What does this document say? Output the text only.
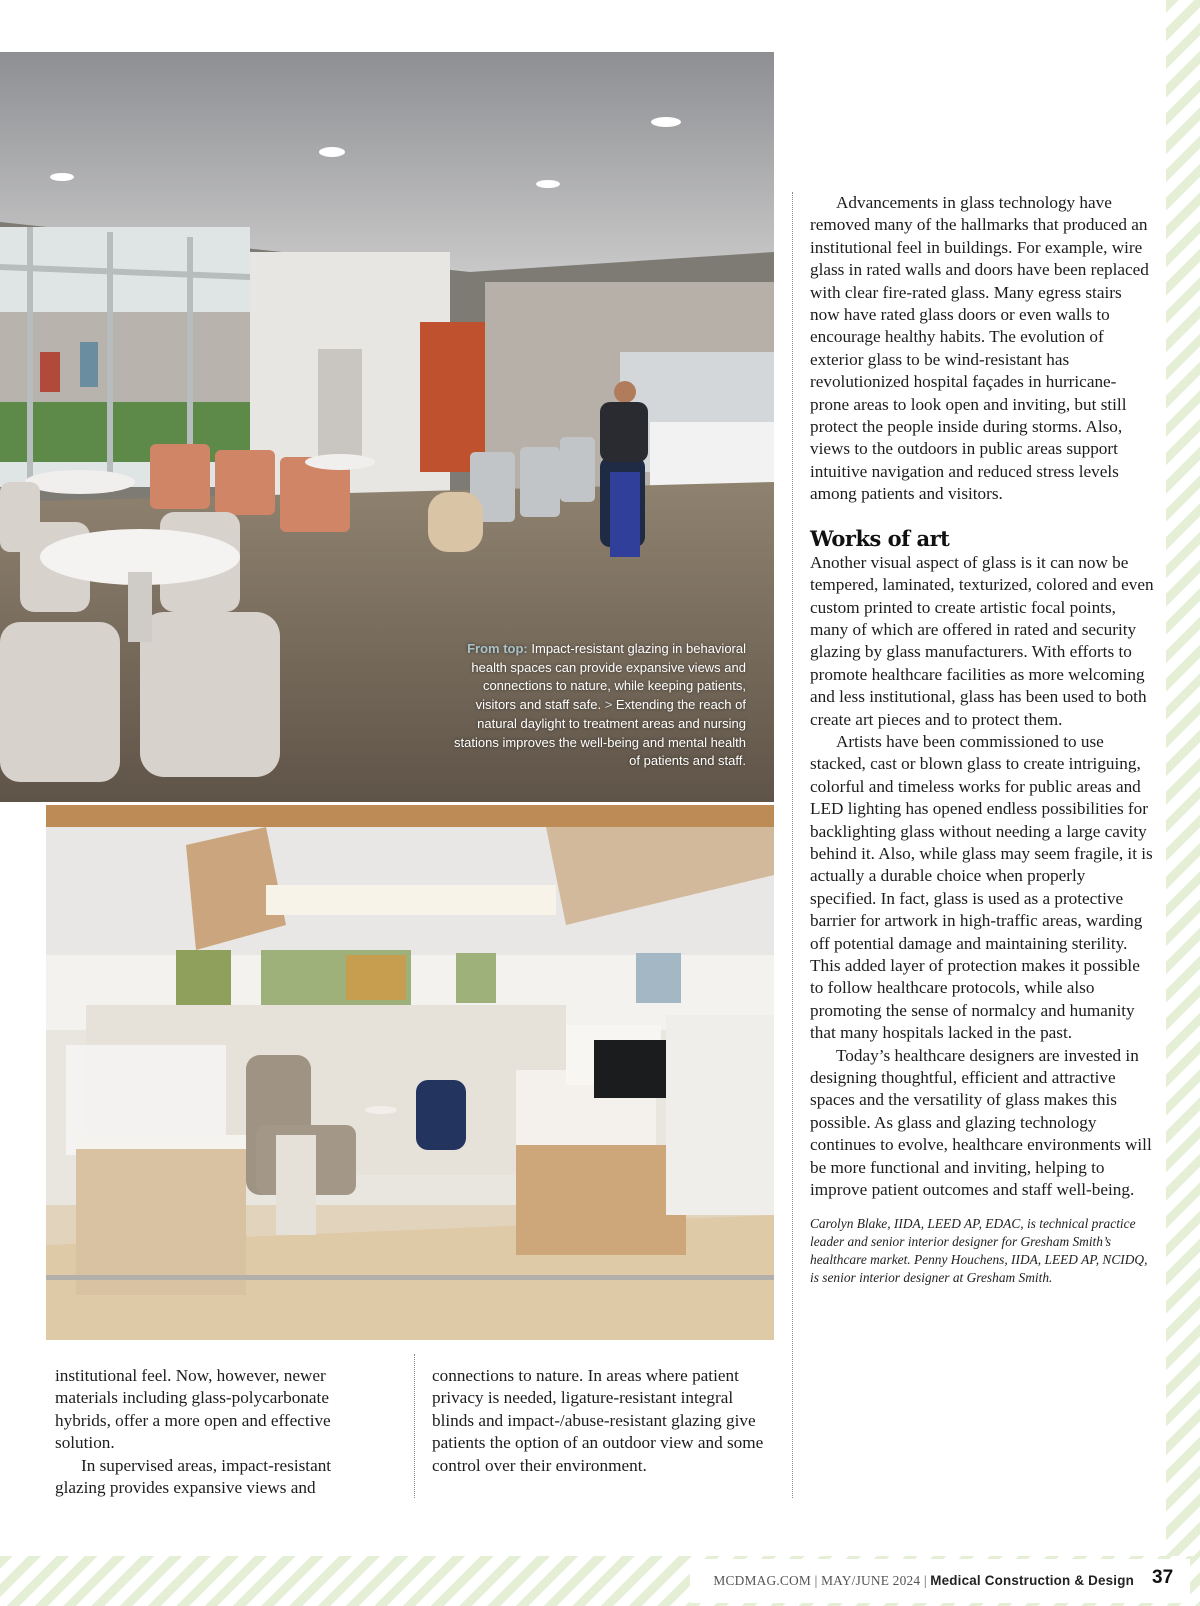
From top: Impact-resistant glazing in behavioral health spaces can provide expansive views and connections to nature, while keeping patients, visitors and staff safe. > Extending the reach of natural daylight to treatment areas and nursing stations improves the well-being and mental health of patients and staff.

institutional feel. Now, however, newer materials including glass-polycarbonate hybrids, offer a more open and effective solution.

In supervised areas, impact-resistant glazing provides expansive views and

connections to nature. In areas where patient privacy is needed, ligature-resistant integral blinds and impact-/abuse-resistant glazing give patients the option of an outdoor view and some control over their environment.

Advancements in glass technology have removed many of the hallmarks that produced an institutional feel in buildings. For example, wire glass in rated walls and doors have been replaced with clear fire-rated glass. Many egress stairs now have rated glass doors or even walls to encourage healthy habits. The evolution of exterior glass to be wind-resistant has revolutionized hospital façades in hurricane-prone areas to look open and inviting, but still protect the people inside during storms. Also, views to the outdoors in public areas support intuitive navigation and reduced stress levels among patients and visitors.

Works of art

Another visual aspect of glass is it can now be tempered, laminated, texturized, colored and even custom printed to create artistic focal points, many of which are offered in rated and security glazing by glass manufacturers. With efforts to promote healthcare facilities as more welcoming and less institutional, glass has been used to both create art pieces and to protect them.

Artists have been commissioned to use stacked, cast or blown glass to create intriguing, colorful and timeless works for public areas and LED lighting has opened endless possibilities for backlighting glass without needing a large cavity behind it. Also, while glass may seem fragile, it is actually a durable choice when properly specified. In fact, glass is used as a protective barrier for artwork in high-traffic areas, warding off potential damage and maintaining sterility. This added layer of protection makes it possible to follow healthcare protocols, while also promoting the sense of normalcy and humanity that many hospitals lacked in the past.

Today’s healthcare designers are invested in designing thoughtful, efficient and attractive spaces and the versatility of glass makes this possible. As glass and glazing technology continues to evolve, healthcare environments will be more functional and inviting, helping to improve patient outcomes and staff well-being.

Carolyn Blake, IIDA, LEED AP, EDAC, is technical practice leader and senior interior designer for Gresham Smith’s healthcare market. Penny Houchens, IIDA, LEED AP, NCIDQ, is senior interior designer at Gresham Smith.

MCDMAG.COM | MAY/JUNE 2024 | Medical Construction & Design 37
